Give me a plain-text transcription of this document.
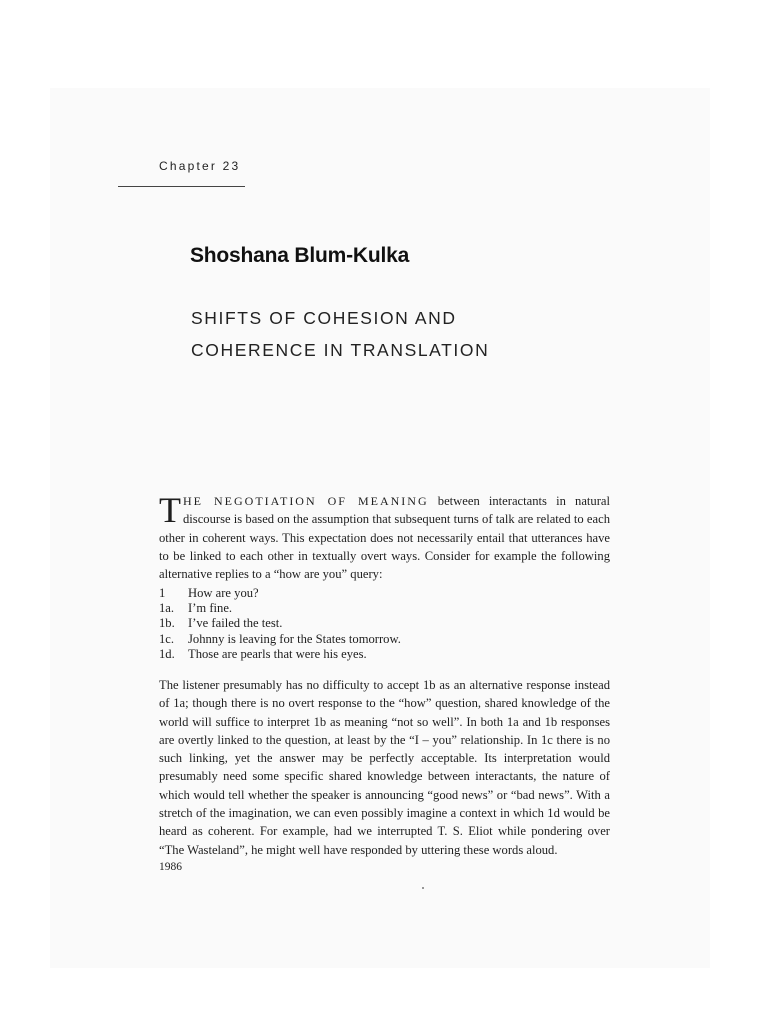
Chapter 23
Shoshana Blum-Kulka
SHIFTS OF COHESION AND
COHERENCE IN TRANSLATION
THE NEGOTIATION OF MEANING between interactants in natural discourse is based on the assumption that subsequent turns of talk are related to each other in coherent ways. This expectation does not necessarily entail that utterances have to be linked to each other in textually overt ways. Consider for example the following alternative replies to a “how are you” query:
1 How are you?
1a. I’m fine.
1b. I’ve failed the test.
1c. Johnny is leaving for the States tomorrow.
1d. Those are pearls that were his eyes.
The listener presumably has no difficulty to accept 1b as an alternative response instead of 1a; though there is no overt response to the “how” question, shared knowledge of the world will suffice to interpret 1b as meaning “not so well”. In both 1a and 1b responses are overtly linked to the question, at least by the “I – you” relationship. In 1c there is no such linking, yet the answer may be perfectly acceptable. Its interpretation would presumably need some specific shared knowledge between interactants, the nature of which would tell whether the speaker is announcing “good news” or “bad news”. With a stretch of the imagination, we can even possibly imagine a context in which 1d would be heard as coherent. For example, had we interrupted T. S. Eliot while pondering over “The Wasteland”, he might well have responded by uttering these words aloud.
1986
